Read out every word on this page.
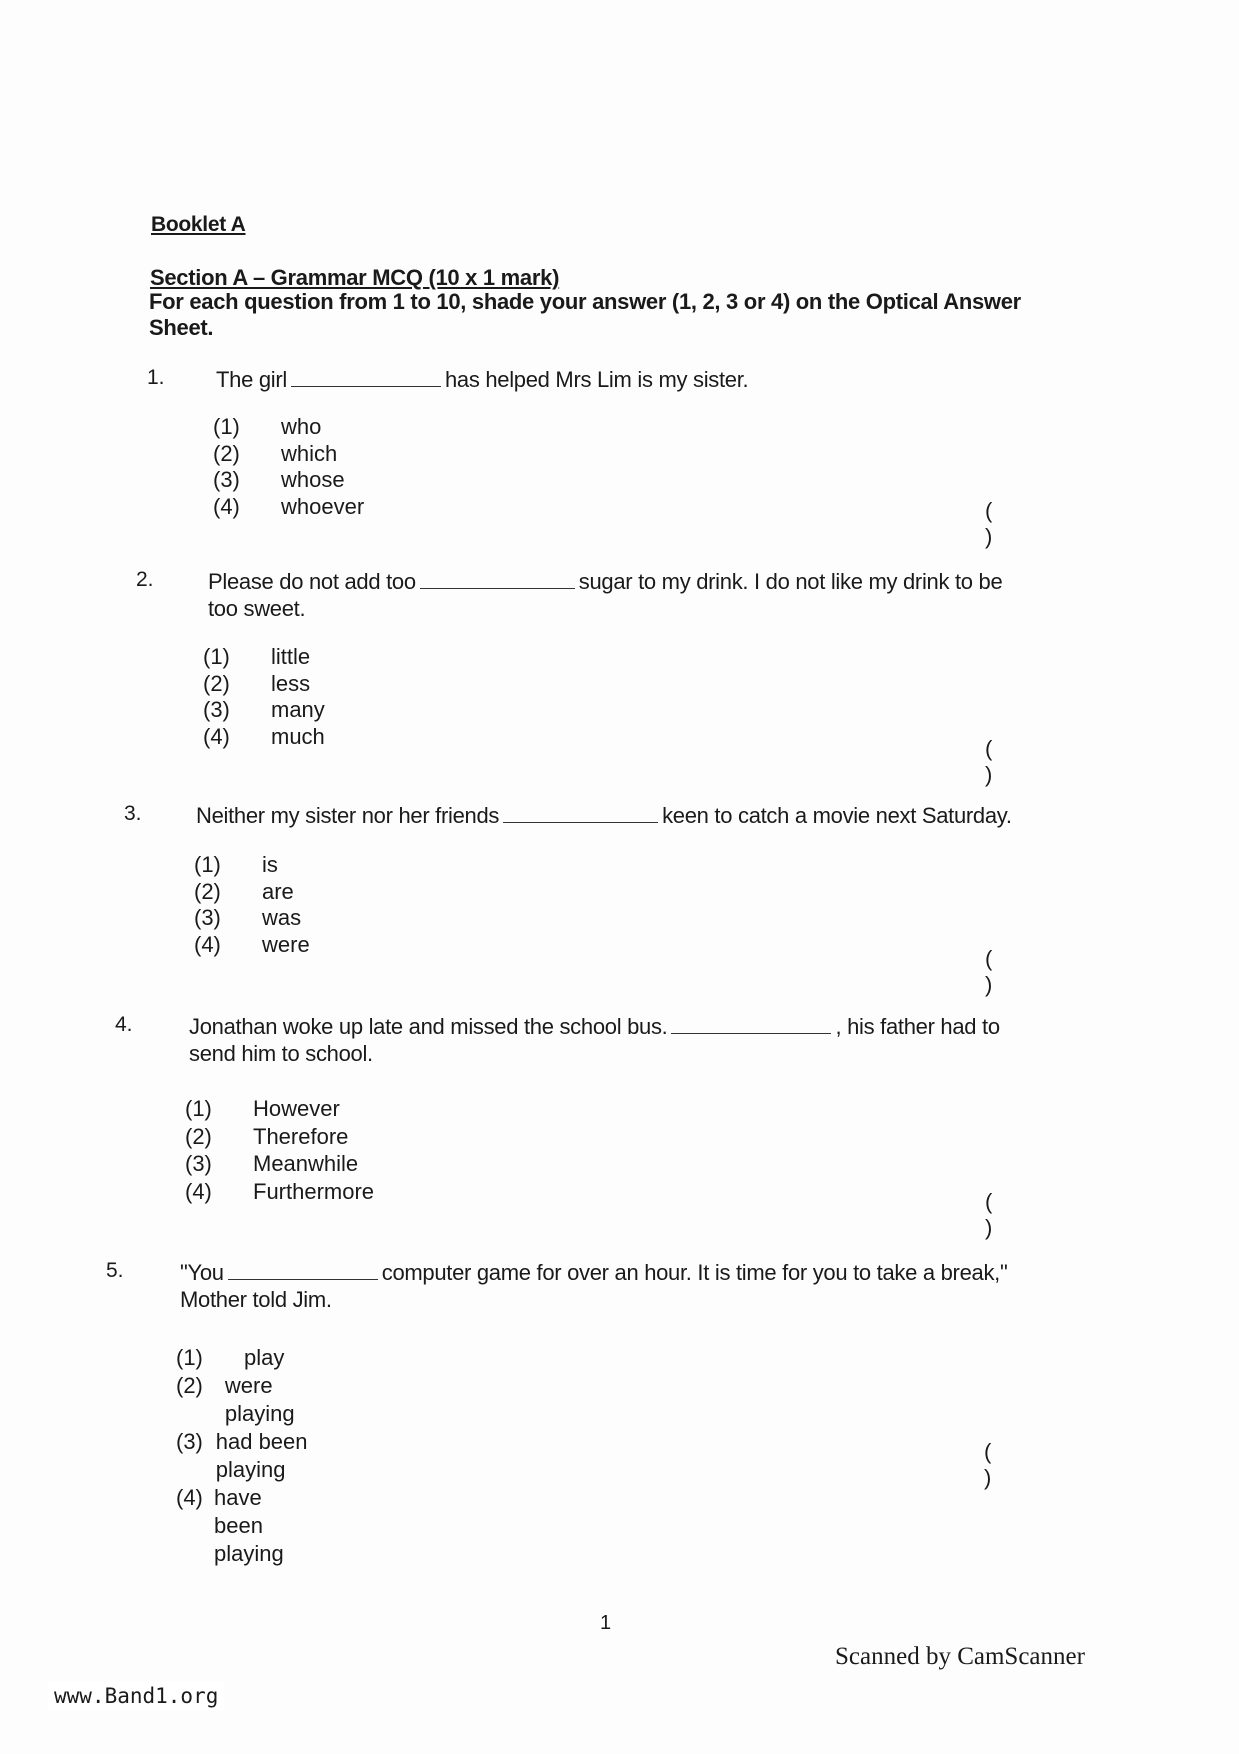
Booklet A
Section A – Grammar MCQ (10 x 1 mark)
For each question from 1 to 10, shade your answer (1, 2, 3 or 4) on the Optical Answer
Sheet.
1. The girl	has helped Mrs Lim is my sister.
(1)	who
(2)	which
(3)	whose
(4)	whoever	( )
2. Please do not add too	sugar to my drink. I do not like my drink to be
too sweet.
(1)	little
(2)	less
(3)	many
(4)	much	( )
3. Neither my sister nor her friends	keen to catch a movie next Saturday.
(1)	is
(2)	are
(3)	was
(4)	were
( )
4.	Jonathan woke up late and missed the school bus.	, his father had to
send him to school.
(1)	However
(2)	Therefore
(3)	Meanwhile
(4)	Furthermore	( )
5.	"You	computer game for over an hour. It is time for you to take a break,"
Mother told Jim.
(1)	play
(2)	were playing
(3) had been playing
(4) have been playing
( )
1
Scanned by CamScanner
www.Band1.org
